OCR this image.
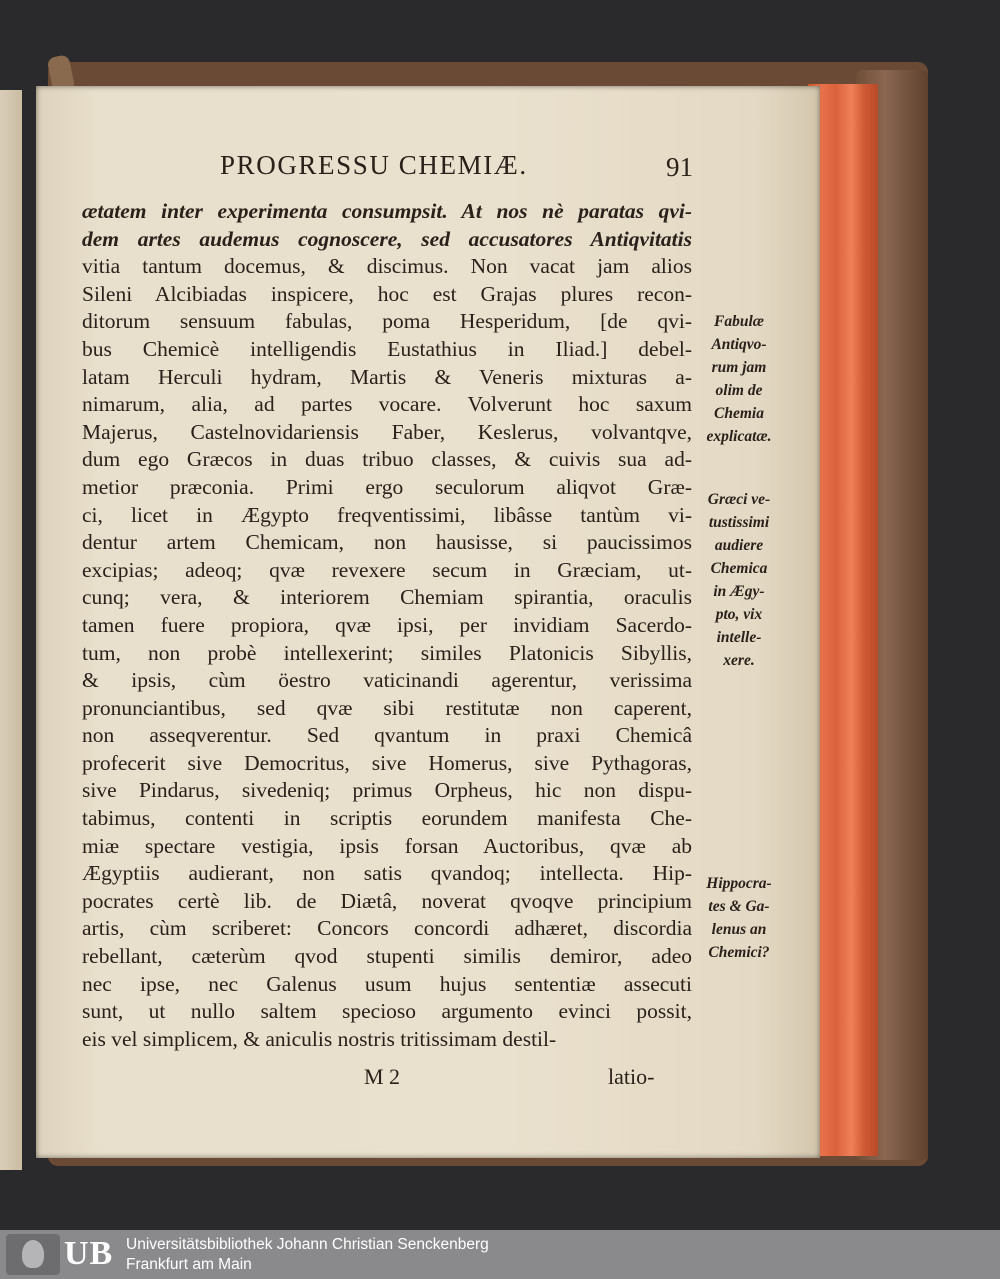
PROGRESSU CHEMIÆ.	91
ætatem inter experimenta consumpsit. At nos nè paratas qvi-
dem artes audemus cognoscere, sed accusatores Antiqvitatis
vitia tantum docemus, & discimus. Non vacat jam alios
Sileni Alcibiadas inspicere, hoc est Grajas plures recon-
ditorum sensuum fabulas, poma Hesperidum, [de qvi-
bus Chemicè intelligendis Eustathius in Iliad.] debel-
latam Herculi hydram, Martis & Veneris mixturas a-
nimarum, alia, ad partes vocare. Volverunt hoc saxum
Majerus, Castelnovidariensis Faber, Keslerus, volvantqve,
dum ego Græcos in duas tribuo classes, & cuivis sua ad-
metior præconia. Primi ergo seculorum aliqvot Græ-
ci, licet in Ægypto freqventissimi, libâsse tantùm vi-
dentur artem Chemicam, non hausisse, si paucissimos
excipias; adeoq; qvæ revexere secum in Græciam, ut-
cunq; vera, & interiorem Chemiam spirantia, oraculis
tamen fuere propiora, qvæ ipsi, per invidiam Sacerdo-
tum, non probè intellexerint; similes Platonicis Sibyllis,
& ipsis, cùm öestro vaticinandi agerentur, verissima
pronunciantibus, sed qvæ sibi restitutæ non caperent,
non asseqverentur. Sed qvantum in praxi Chemicâ
profecerit sive Democritus, sive Homerus, sive Pythagoras,
sive Pindarus, sivedeniq; primus Orpheus, hic non dispu-
tabimus, contenti in scriptis eorundem manifesta Che-
miæ spectare vestigia, ipsis forsan Auctoribus, qvæ ab
Ægyptiis audierant, non satis qvandoq; intellecta. Hip-
pocrates certè lib. de Diætâ, noverat qvoqve principium
artis, cùm scriberet: Concors concordi adhæret, discordia
rebellant, cæterùm qvod stupenti similis demiror, adeo
nec ipse, nec Galenus usum hujus sententiæ assecuti
sunt, ut nullo saltem specioso argumento evinci possit,
eis vel simplicem, & aniculis nostris tritissimam destil-
Fabulæ
Antiqvo-
rum jam
olim de
Chemia
explicatæ.
Græci ve-
tustissimi
audiere
Chemica
in Ægy-
pto, vix
intelle-
xere.
Hippocra-
tes & Ga-
lenus an
Chemici?
M 2	latio-
UB Universitätsbibliothek Johann Christian Senckenberg
Frankfurt am Main
